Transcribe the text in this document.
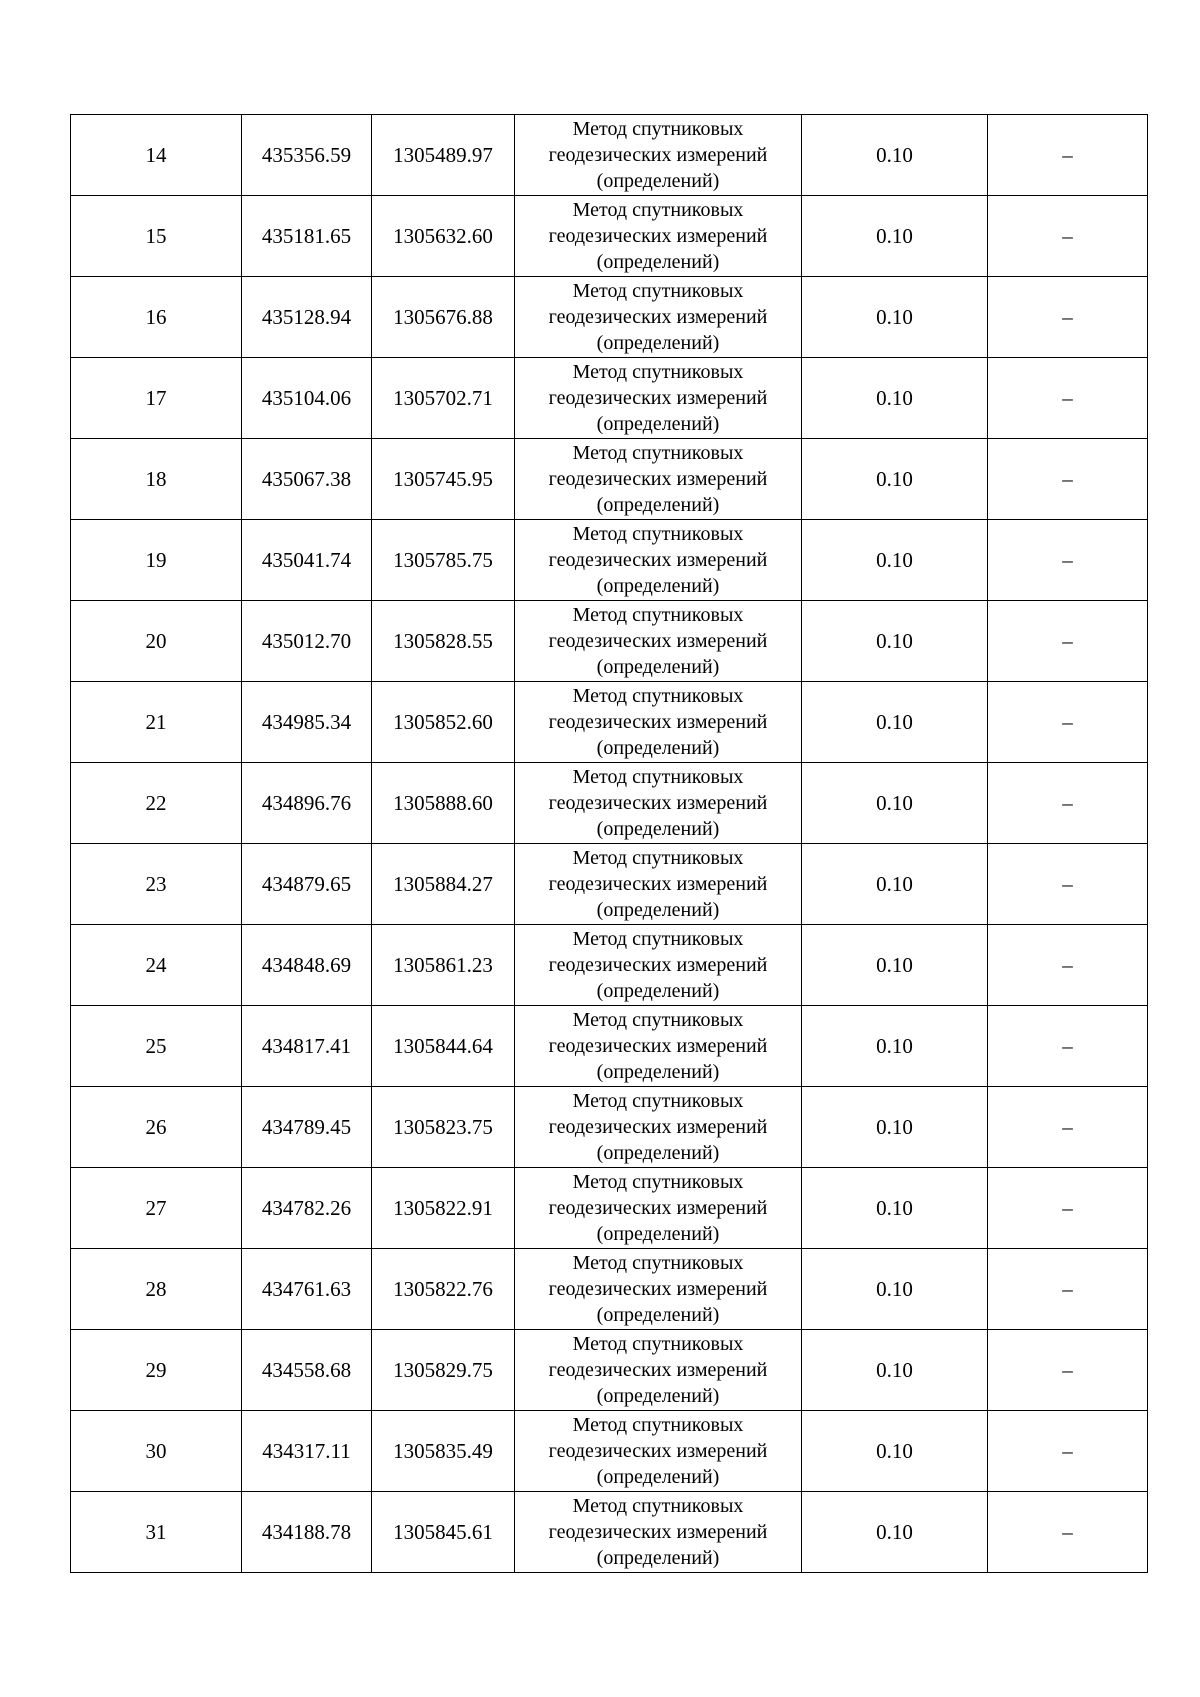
14	435356.59	1305489.97	Метод спутниковых геодезических измерений (определений)	0.10	–
15	435181.65	1305632.60	Метод спутниковых геодезических измерений (определений)	0.10	–
16	435128.94	1305676.88	Метод спутниковых геодезических измерений (определений)	0.10	–
17	435104.06	1305702.71	Метод спутниковых геодезических измерений (определений)	0.10	–
18	435067.38	1305745.95	Метод спутниковых геодезических измерений (определений)	0.10	–
19	435041.74	1305785.75	Метод спутниковых геодезических измерений (определений)	0.10	–
20	435012.70	1305828.55	Метод спутниковых геодезических измерений (определений)	0.10	–
21	434985.34	1305852.60	Метод спутниковых геодезических измерений (определений)	0.10	–
22	434896.76	1305888.60	Метод спутниковых геодезических измерений (определений)	0.10	–
23	434879.65	1305884.27	Метод спутниковых геодезических измерений (определений)	0.10	–
24	434848.69	1305861.23	Метод спутниковых геодезических измерений (определений)	0.10	–
25	434817.41	1305844.64	Метод спутниковых геодезических измерений (определений)	0.10	–
26	434789.45	1305823.75	Метод спутниковых геодезических измерений (определений)	0.10	–
27	434782.26	1305822.91	Метод спутниковых геодезических измерений (определений)	0.10	–
28	434761.63	1305822.76	Метод спутниковых геодезических измерений (определений)	0.10	–
29	434558.68	1305829.75	Метод спутниковых геодезических измерений (определений)	0.10	–
30	434317.11	1305835.49	Метод спутниковых геодезических измерений (определений)	0.10	–
31	434188.78	1305845.61	Метод спутниковых геодезических измерений (определений)	0.10	–
